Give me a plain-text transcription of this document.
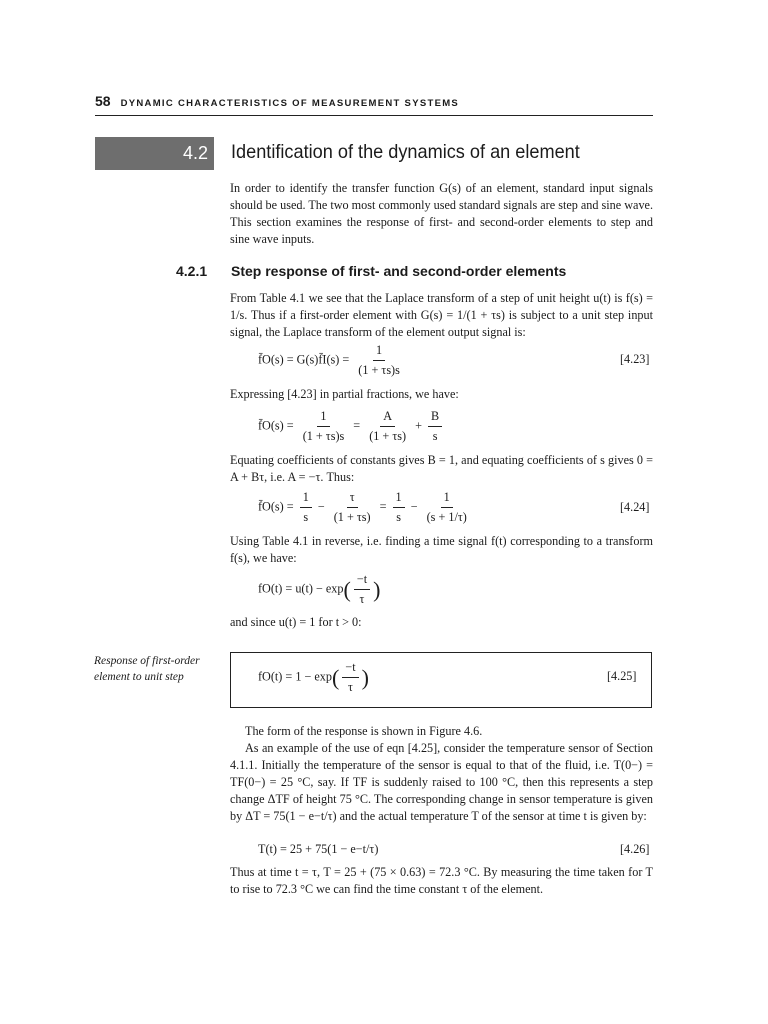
58 DYNAMIC CHARACTERISTICS OF MEASUREMENT SYSTEMS
4.2 Identification of the dynamics of an element
In order to identify the transfer function G(s) of an element, standard input signals should be used. The two most commonly used standard signals are step and sine wave. This section examines the response of first- and second-order elements to step and sine wave inputs.
4.2.1 Step response of first- and second-order elements
From Table 4.1 we see that the Laplace transform of a step of unit height u(t) is f(s) = 1/s. Thus if a first-order element with G(s) = 1/(1 + τs) is subject to a unit step input signal, the Laplace transform of the element output signal is:
f̄O(s) = G(s)f̄I(s) = $\frac{1}{(1 + \tau s)s}$	[4.23]
Expressing [4.23] in partial fractions, we have:
f̄O(s) = $\frac{1}{(1 + \tau s)s} = \frac{A}{(1 + \tau s)} + \frac{B}{s}$
Equating coefficients of constants gives B = 1, and equating coefficients of s gives 0 = A + Bτ, i.e. A = −τ. Thus:
f̄O(s) = $\frac{1}{s} - \frac{\tau}{(1 + \tau s)} = \frac{1}{s} - \frac{1}{(s + 1/\tau)}$	[4.24]
Using Table 4.1 in reverse, i.e. finding a time signal f(t) corresponding to a transform f(s), we have:
$fO(t) = u(t) - \exp( \frac{-t}{\tau}$ )
and since u(t) = 1 for t > 0:
Response of first-order element to unit step	$fO(t) = 1 - \exp( \frac{-t}{\tau}$ )	[4.25]
The form of the response is shown in Figure 4.6.
As an example of the use of eqn [4.25], consider the temperature sensor of Section 4.1.1. Initially the temperature of the sensor is equal to that of the fluid, i.e. T(0−) = TF(0−) = 25 °C, say. If TF is suddenly raised to 100 °C, then this represents a step change ΔTF of height 75 °C. The corresponding change in sensor temperature is given by ΔT = 75(1 − e−t/τ) and the actual temperature T of the sensor at time t is given by:
T(t) = 25 + 75(1 − e−t/τ)	[4.26]
Thus at time t = τ, T = 25 + (75 × 0.63) = 72.3 °C. By measuring the time taken for T to rise to 72.3 °C we can find the time constant τ of the element.
